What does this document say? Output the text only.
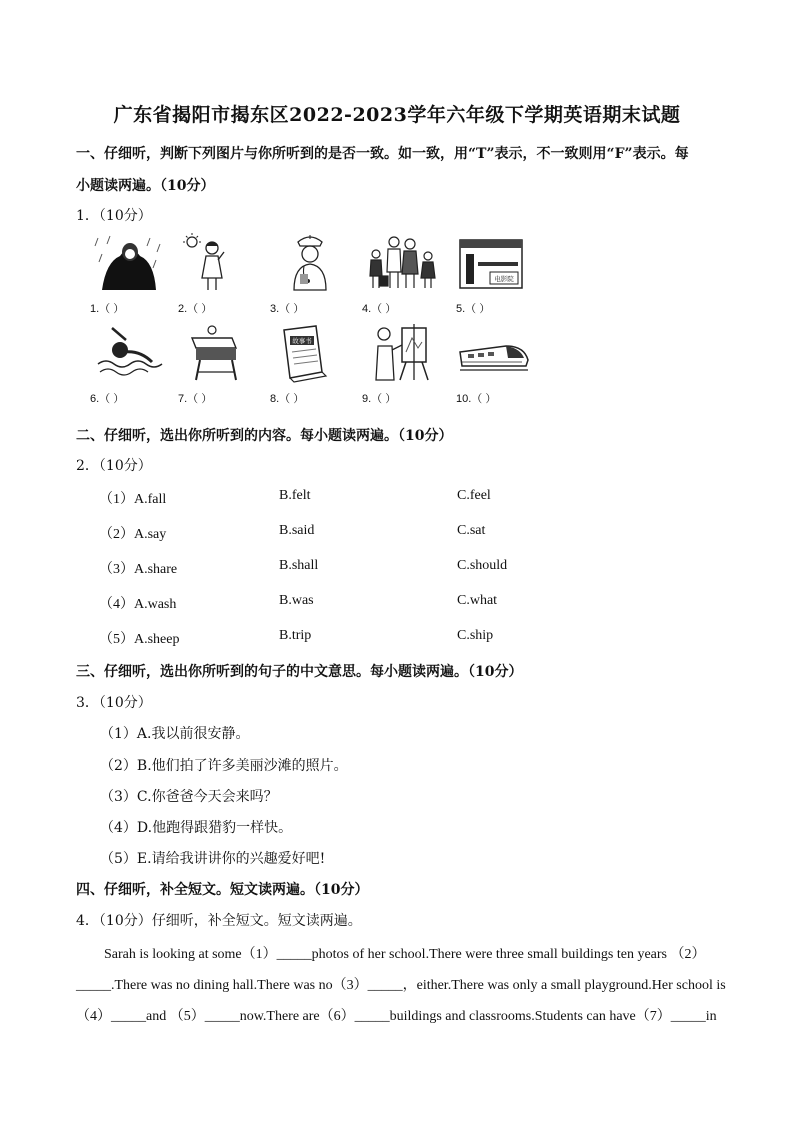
广东省揭阳市揭东区2022-2023学年六年级下学期英语期末试题
一、仔细听，判断下列图片与你所听到的是否一致。如一致，用“T”表示，不一致则用“F”表示。每
小题读两遍。（10分）
1．（10分）
1.（ ）	2.（ ）	3.（ ）	4.（ ）
电影院
5.（ ）
6.（ ）	7.（ ）
故事书
8.（ ）	9.（ ）	10.（ ）
二、仔细听，选出你所听到的内容。每小题读两遍。（10分）
2．（10分）
（1）A.fall	B.felt	C.feel
（2）A.say	B.said	C.sat
（3）A.share	B.shall	C.should
（4）A.wash	B.was	C.what
（5）A.sheep	B.trip	C.ship
三、仔细听，选出你所听到的句子的中文意思。每小题读两遍。（10分）
3．（10分）
（1）A.我以前很安静。
（2）B.他们拍了许多美丽沙滩的照片。
（3）C.你爸爸今天会来吗？
（4）D.他跑得跟猎豹一样快。
（5）E.请给我讲讲你的兴趣爱好吧!
四、仔细听，补全短文。短文读两遍。（10分）
4．（10分）仔细听，补全短文。短文读两遍。
Sarah is looking at some（1）_____photos of her school.There were three small buildings ten years （2）
_____.There was no dining hall.There was no（3）_____，either.There was only a small playground.Her school is
（4）_____and （5）_____now.There are（6）_____buildings and classrooms.Students can have（7）_____in
